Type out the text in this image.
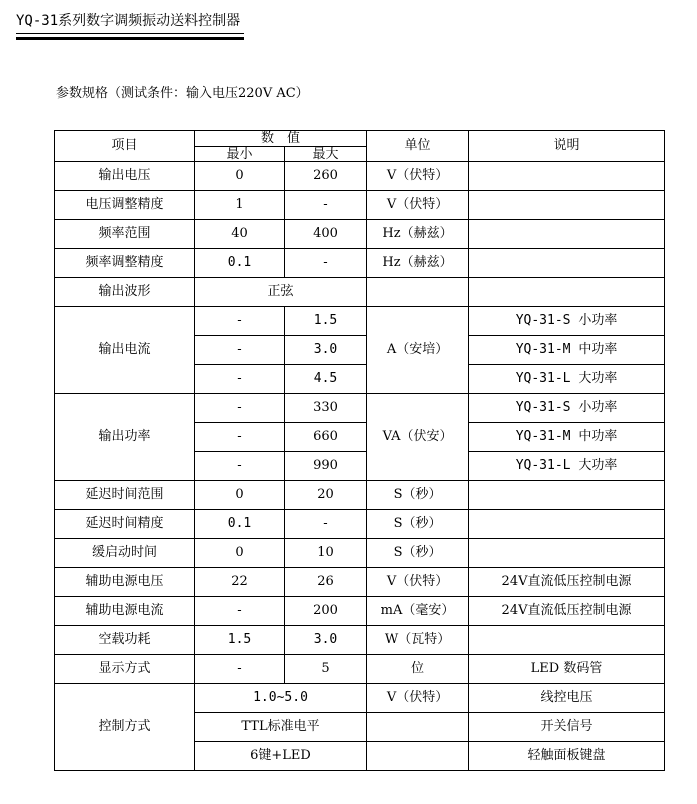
YQ-31系列数字调频振动送料控制器
参数规格（测试条件：输入电压220V AC）
项目	数　值		单位	说明
	最小	最大		
输出电压	0	260	V（伏特）	
电压调整精度	1	-	V（伏特）	
频率范围	40	400	Hz（赫兹）	
频率调整精度	0.1	-	Hz（赫兹）	
输出波形	正弦			
输出电流	-	1.5	A（安培）	YQ-31-S 小功率
	-	3.0		YQ-31-M 中功率
	-	4.5		YQ-31-L 大功率
输出功率	-	330	VA（伏安）	YQ-31-S 小功率
	-	660		YQ-31-M 中功率
	-	990		YQ-31-L 大功率
延迟时间范围	0	20	S（秒）	
延迟时间精度	0.1	-	S（秒）	
缓启动时间	0	10	S（秒）	
辅助电源电压	22	26	V（伏特）	24V直流低压控制电源
辅助电源电流	-	200	mA（毫安）	24V直流低压控制电源
空载功耗	1.5	3.0	W（瓦特）	
显示方式	-	5	位	LED 数码管
控制方式	1.0~5.0		V（伏特）	线控电压
	TTL标准电平			开关信号
	6键+LED			轻触面板键盘
